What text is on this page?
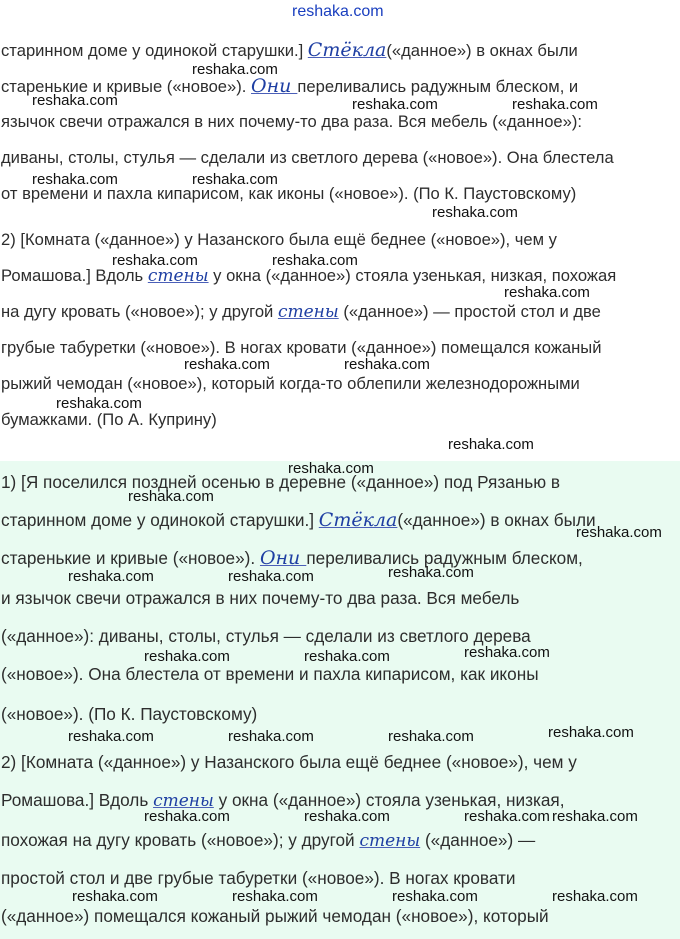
старинном доме у одинокой старушки.] Стёкла(«данное») в окнах были
старенькие и кривые («новое»). Они переливались радужным блеском, и
язычок свечи отражался в них почему-то два раза. Вся мебель («данное»):
диваны, столы, стулья — сделали из светлого дерева («новое»). Она блестела
от времени и пахла кипарисом, как иконы («новое»). (По К. Паустовскому)
2) [Комната («данное») у Назанского была ещё беднее («новое»), чем у
Ромашова.] Вдоль стены у окна («данное») стояла узенькая, низкая, похожая
на дугу кровать («новое»); у другой стены («данное») — простой стол и две
грубые табуретки («новое»). В ногах кровати («данное») помещался кожаный
рыжий чемодан («новое»), который когда-то облепили железнодорожными
бумажками. (По А. Куприну)
1) [Я поселился поздней осенью в деревне («данное») под Рязанью в
старинном доме у одинокой старушки.] Стёкла(«данное») в окнах были
старенькие и кривые («новое»). Они переливались радужным блеском,
и язычок свечи отражался в них почему-то два раза. Вся мебель
(«данное»): диваны, столы, стулья — сделали из светлого дерева
(«новое»). Она блестела от времени и пахла кипарисом, как иконы
(«новое»). (По К. Паустовскому)
2) [Комната («данное») у Назанского была ещё беднее («новое»), чем у
Ромашова.] Вдоль стены у окна («данное») стояла узенькая, низкая,
похожая на дугу кровать («новое»); у другой стены («данное») —
простой стол и две грубые табуретки («новое»). В ногах кровати
(«данное») помещался кожаный рыжий чемодан («новое»), который
reshaka.com
reshaka.com
reshaka.com	reshaka.com	reshaka.com
reshaka.com	reshaka.com
reshaka.com
reshaka.com	reshaka.com
reshaka.com
reshaka.com	reshaka.com
reshaka.com
reshaka.com
reshaka.com
reshaka.com
reshaka.com
reshaka.com	reshaka.com	reshaka.com
reshaka.com	reshaka.com	reshaka.com
reshaka.com	reshaka.com	reshaka.com	reshaka.com
reshaka.com	reshaka.com	reshaka.com reshaka.com
reshaka.com	reshaka.com	reshaka.com	reshaka.com
